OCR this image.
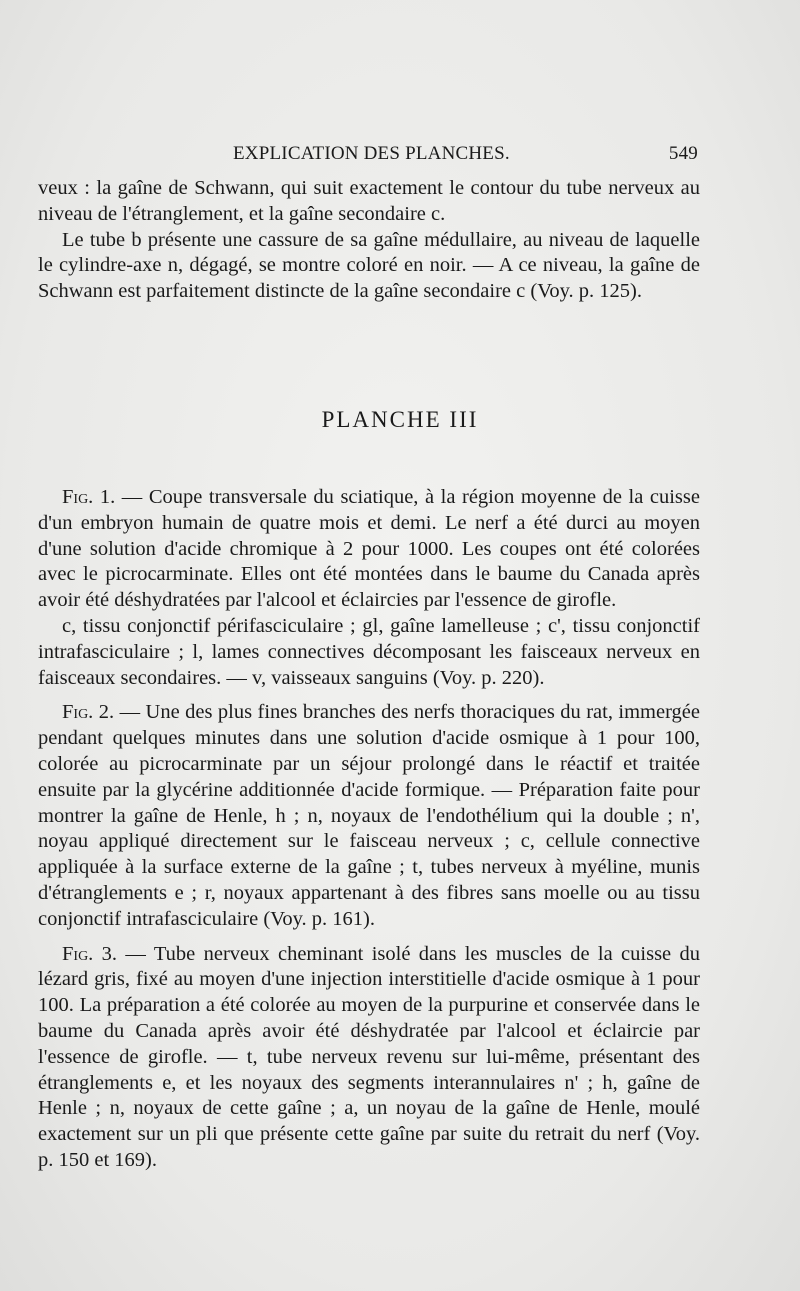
EXPLICATION DES PLANCHES.	549

veux : la gaîne de Schwann, qui suit exactement le contour du tube nerveux au niveau de l'étranglement, et la gaîne secondaire c.

Le tube b présente une cassure de sa gaîne médullaire, au niveau de laquelle le cylindre-axe n, dégagé, se montre coloré en noir. — A ce niveau, la gaîne de Schwann est parfaitement distincte de la gaîne secondaire c (Voy. p. 125).

PLANCHE III

Fig. 1. — Coupe transversale du sciatique, à la région moyenne de la cuisse d'un embryon humain de quatre mois et demi. Le nerf a été durci au moyen d'une solution d'acide chromique à 2 pour 1000. Les coupes ont été colorées avec le picrocarminate. Elles ont été montées dans le baume du Canada après avoir été déshydratées par l'alcool et éclaircies par l'essence de girofle.

c, tissu conjonctif périfasciculaire ; gl, gaîne lamelleuse ; c', tissu conjonctif intrafasciculaire ; l, lames connectives décomposant les faisceaux nerveux en faisceaux secondaires. — v, vaisseaux sanguins (Voy. p. 220).

Fig. 2. — Une des plus fines branches des nerfs thoraciques du rat, immergée pendant quelques minutes dans une solution d'acide osmique à 1 pour 100, colorée au picrocarminate par un séjour prolongé dans le réactif et traitée ensuite par la glycérine additionnée d'acide formique. — Préparation faite pour montrer la gaîne de Henle, h ; n, noyaux de l'endothélium qui la double ; n', noyau appliqué directement sur le faisceau nerveux ; c, cellule connective appliquée à la surface externe de la gaîne ; t, tubes nerveux à myéline, munis d'étranglements e ; r, noyaux appartenant à des fibres sans moelle ou au tissu conjonctif intrafasciculaire (Voy. p. 161).

Fig. 3. — Tube nerveux cheminant isolé dans les muscles de la cuisse du lézard gris, fixé au moyen d'une injection interstitielle d'acide osmique à 1 pour 100. La préparation a été colorée au moyen de la purpurine et conservée dans le baume du Canada après avoir été déshydratée par l'alcool et éclaircie par l'essence de girofle. — t, tube nerveux revenu sur lui-même, présentant des étranglements e, et les noyaux des segments interannulaires n' ; h, gaîne de Henle ; n, noyaux de cette gaîne ; a, un noyau de la gaîne de Henle, moulé exactement sur un pli que présente cette gaîne par suite du retrait du nerf (Voy. p. 150 et 169).
